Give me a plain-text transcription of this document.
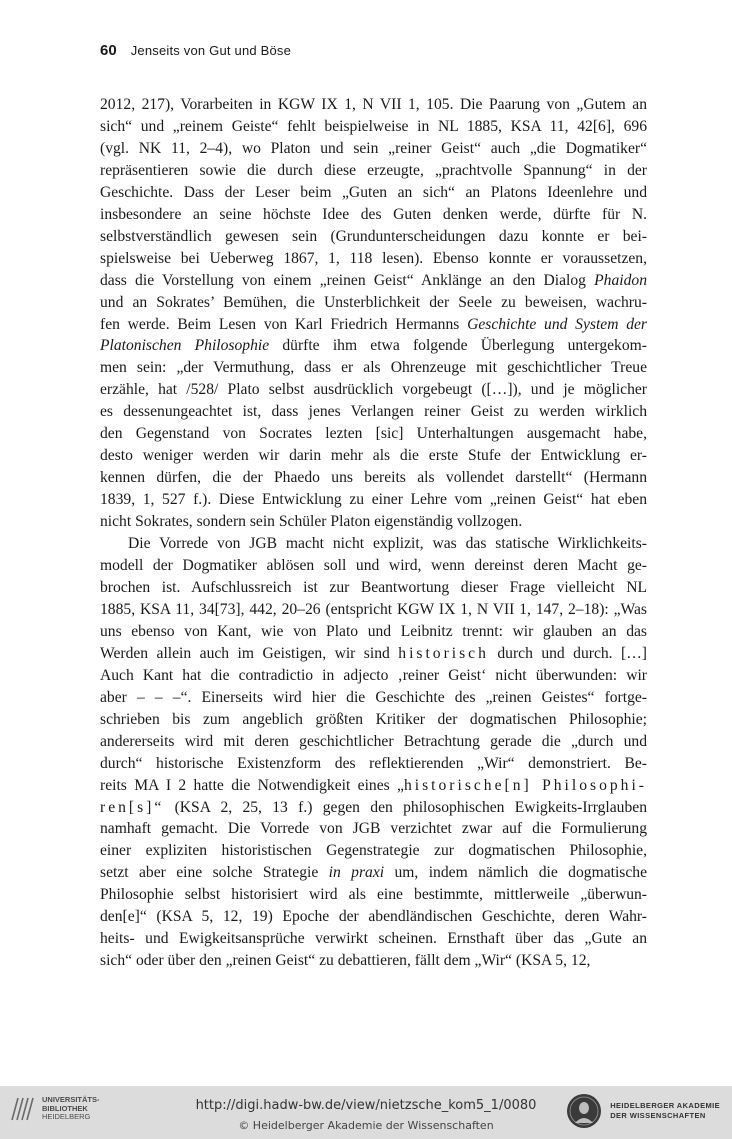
60 Jenseits von Gut und Böse

2012, 217), Vorarbeiten in KGW IX 1, N VII 1, 105. Die Paarung von „Gutem an
sich“ und „reinem Geiste“ fehlt beispielweise in NL 1885, KSA 11, 42[6], 696
(vgl. NK 11, 2–4), wo Platon und sein „reiner Geist“ auch „die Dogmatiker“
repräsentieren sowie die durch diese erzeugte, „prachtvolle Spannung“ in der
Geschichte. Dass der Leser beim „Guten an sich“ an Platons Ideenlehre und
insbesondere an seine höchste Idee des Guten denken werde, dürfte für N.
selbstverständlich gewesen sein (Grundunterscheidungen dazu konnte er bei-
spielsweise bei Ueberweg 1867, 1, 118 lesen). Ebenso konnte er voraussetzen,
dass die Vorstellung von einem „reinen Geist“ Anklänge an den Dialog Phaidon
und an Sokrates’ Bemühen, die Unsterblichkeit der Seele zu beweisen, wachru-
fen werde. Beim Lesen von Karl Friedrich Hermanns Geschichte und System der
Platonischen Philosophie dürfte ihm etwa folgende Überlegung untergekom-
men sein: „der Vermuthung, dass er als Ohrenzeuge mit geschichtlicher Treue
erzähle, hat /528/ Plato selbst ausdrücklich vorgebeugt ([…]), und je möglicher
es dessenungeachtet ist, dass jenes Verlangen reiner Geist zu werden wirklich
den Gegenstand von Socrates lezten [sic] Unterhaltungen ausgemacht habe,
desto weniger werden wir darin mehr als die erste Stufe der Entwicklung er-
kennen dürfen, die der Phaedo uns bereits als vollendet darstellt“ (Hermann
1839, 1, 527 f.). Diese Entwicklung zu einer Lehre vom „reinen Geist“ hat eben
nicht Sokrates, sondern sein Schüler Platon eigenständig vollzogen.

Die Vorrede von JGB macht nicht explizit, was das statische Wirklichkeits-
modell der Dogmatiker ablösen soll und wird, wenn dereinst deren Macht ge-
brochen ist. Aufschlussreich ist zur Beantwortung dieser Frage vielleicht NL
1885, KSA 11, 34[73], 442, 20–26 (entspricht KGW IX 1, N VII 1, 147, 2–18): „Was
uns ebenso von Kant, wie von Plato und Leibnitz trennt: wir glauben an das
Werden allein auch im Geistigen, wir sind historisch durch und durch. […]
Auch Kant hat die contradictio in adjecto ‚reiner Geist‘ nicht überwunden: wir
aber – – –“. Einerseits wird hier die Geschichte des „reinen Geistes“ fortge-
schrieben bis zum angeblich größten Kritiker der dogmatischen Philosophie;
andererseits wird mit deren geschichtlicher Betrachtung gerade die „durch und
durch“ historische Existenzform des reflektierenden „Wir“ demonstriert. Be-
reits MA I 2 hatte die Notwendigkeit eines „historische[n] Philosophi-
ren[s]“ (KSA 2, 25, 13 f.) gegen den philosophischen Ewigkeits-Irrglauben
namhaft gemacht. Die Vorrede von JGB verzichtet zwar auf die Formulierung
einer expliziten historistischen Gegenstrategie zur dogmatischen Philosophie,
setzt aber eine solche Strategie in praxi um, indem nämlich die dogmatische
Philosophie selbst historisiert wird als eine bestimmte, mittlerweile „überwun-
den[e]“ (KSA 5, 12, 19) Epoche der abendländischen Geschichte, deren Wahr-
heits- und Ewigkeitsansprüche verwirkt scheinen. Ernsthaft über das „Gute an
sich“ oder über den „reinen Geist“ zu debattieren, fällt dem „Wir“ (KSA 5, 12,

UNIVERSITÄTS-
BIBLIOTHEK
HEIDELBERG
http://digi.hadw-bw.de/view/nietzsche_kom5_1/0080
© Heidelberger Akademie der Wissenschaften
HEIDELBERGER AKADEMIE
DER WISSENSCHAFTEN
